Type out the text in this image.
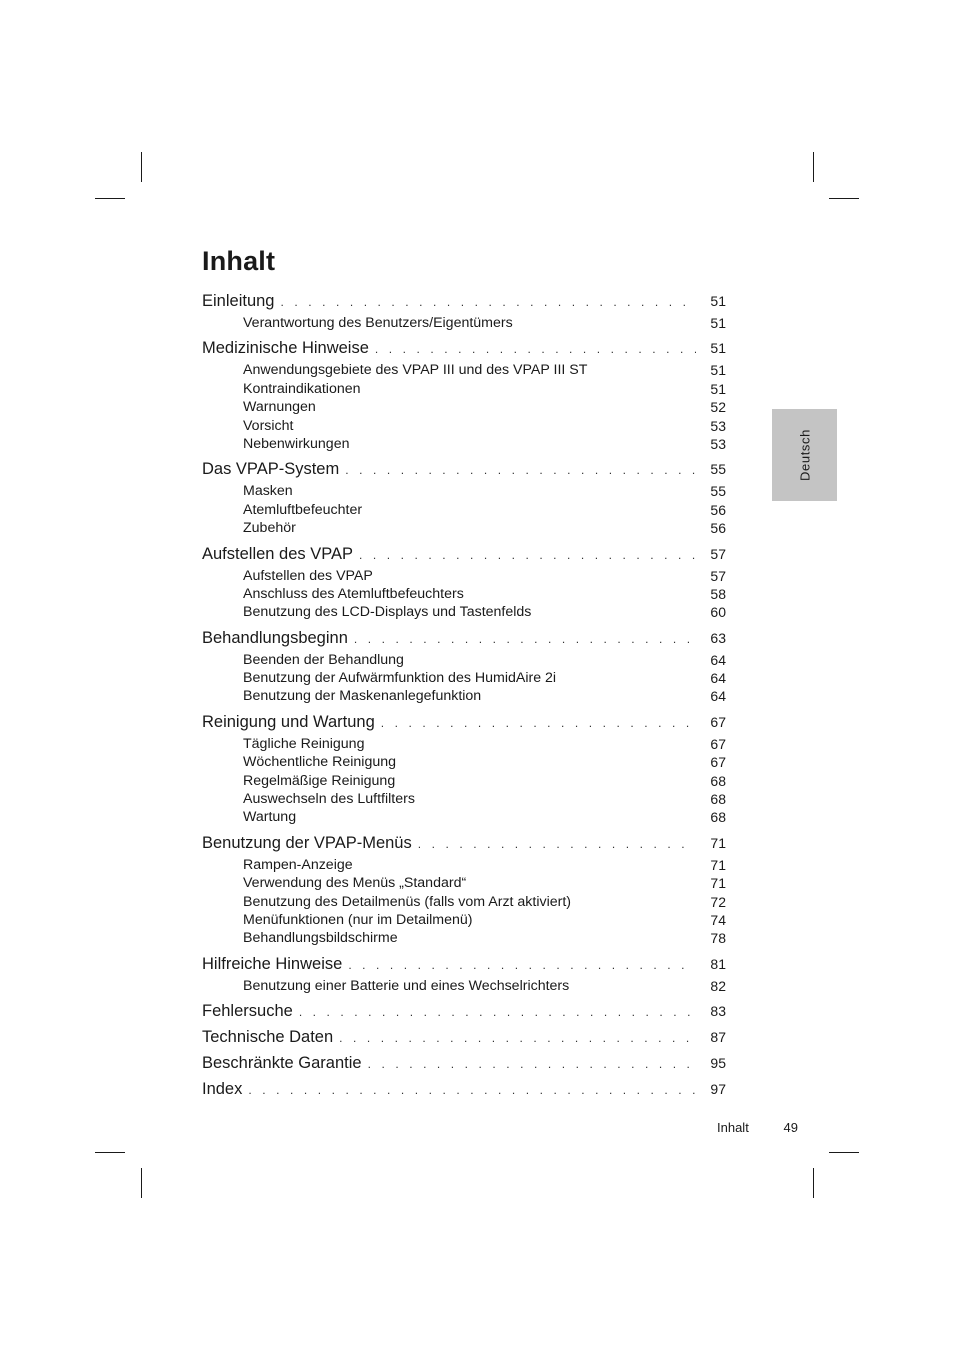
Inhalt
Einleitung . . .	51
Verantwortung des Benutzers/Eigentümers	51
Medizinische Hinweise . . .	51
Anwendungsgebiete des VPAP III und des VPAP III ST	51
Kontraindikationen	51
Warnungen	52
Vorsicht	53
Nebenwirkungen	53
Das VPAP-System . . .	55
Masken	55
Atemluftbefeuchter	56
Zubehör	56
Aufstellen des VPAP . . .	57
Aufstellen des VPAP	57
Anschluss des Atemluftbefeuchters	58
Benutzung des LCD-Displays und Tastenfelds	60
Behandlungsbeginn . . .	63
Beenden der Behandlung	64
Benutzung der Aufwärmfunktion des HumidAire 2i	64
Benutzung der Maskenanlegefunktion	64
Reinigung und Wartung . . .	67
Tägliche Reinigung	67
Wöchentliche Reinigung	67
Regelmäßige Reinigung	68
Auswechseln des Luftfilters	68
Wartung	68
Benutzung der VPAP-Menüs . . .	71
Rampen-Anzeige	71
Verwendung des Menüs „Standard“	71
Benutzung des Detailmenüs (falls vom Arzt aktiviert)	72
Menüfunktionen (nur im Detailmenü)	74
Behandlungsbildschirme	78
Hilfreiche Hinweise . . .	81
Benutzung einer Batterie und eines Wechselrichters	82
Fehlersuche . . .	83
Technische Daten . . .	87
Beschränkte Garantie . . .	95
Index . . .	97
Deutsch
Inhalt	49
